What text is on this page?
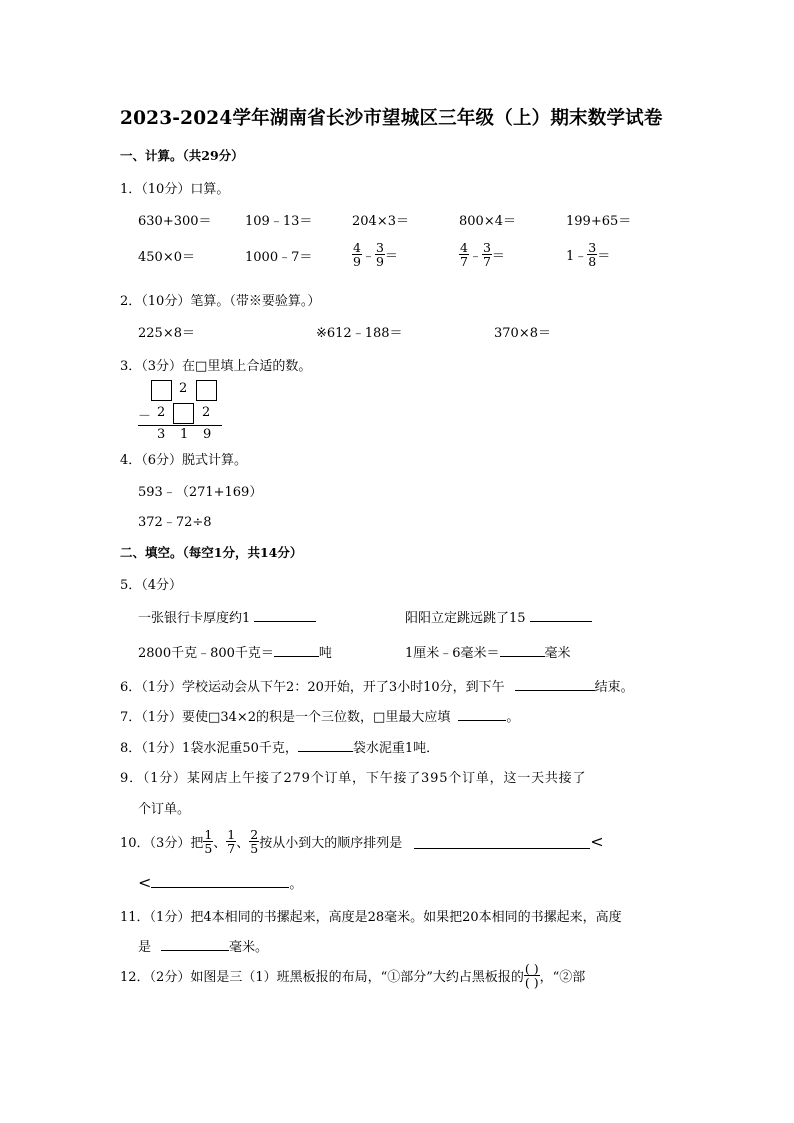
2023-2024学年湖南省长沙市望城区三年级（上）期末数学试卷
一、计算。（共29分）
1．（10分）口算。
630+300＝	109﹣13＝	204×3＝	800×4＝	199+65＝
450×0＝	1000﹣7＝	$\frac{4}{9}$ ﹣ $\frac{3}{9}$ ＝	$\frac{4}{7}$ ﹣ $\frac{3}{7}$ ＝	1﹣ $\frac{3}{8}$ ＝
2．（10分）笔算。（带※要验算。）
225×8＝	※612﹣188＝	370×8＝
3．（3分）在□里填上合适的数。
2
－ 2	2
3 1 9
4．（6分）脱式计算。
593﹣（271+169）
372﹣72÷8
二、填空。（每空1分，共14分）
5．（4分）
一张银行卡厚度约1	阳阳立定跳远跳了15
2800千克﹣800千克＝	吨	1厘米﹣6毫米＝	毫米
6．（1分）学校运动会从下午2：20开始，开了3小时10分，到下午	结束。
7．（1分）要使□34×2的积是一个三位数，□里最大应填	。
8．（1分）1袋水泥重50千克，	袋水泥重1吨．
9．（1分）某网店上午接了279个订单，下午接了395个订单，这一天共接了
个订单。
10．（3分）把 $\frac{1}{5}$ 、 $\frac{1}{7}$ 、 $\frac{2}{5}$ 按从小到大的顺序排列是	<
<	。
11．（1分）把4本相同的书摞起来，高度是28毫米。如果把20本相同的书摞起来，高度
是	毫米。
12．（2分）如图是三（1）班黑板报的布局，“①部分”大约占黑板报的 $\frac{( )}{( )}$ ，“②部
